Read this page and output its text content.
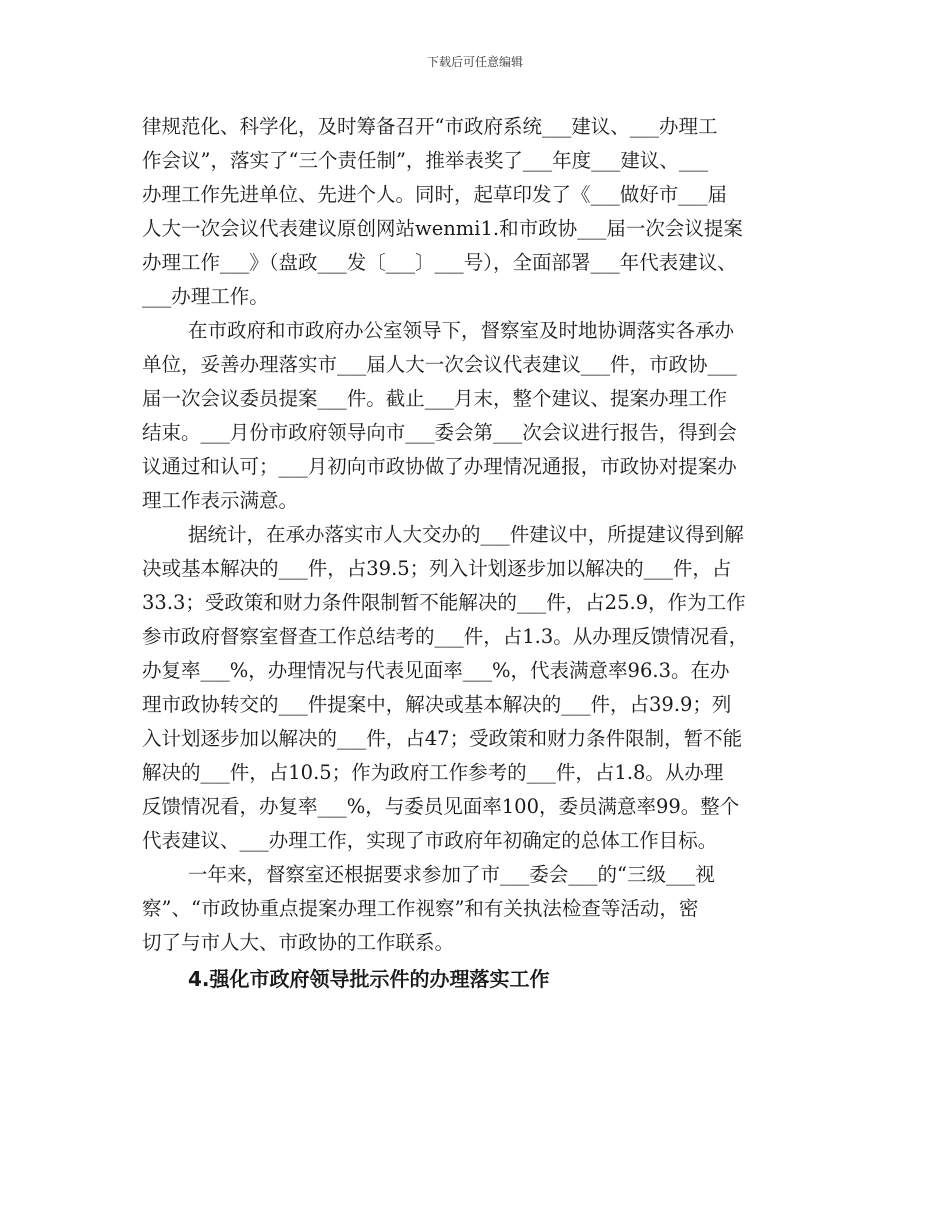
下载后可任意编辑
律规范化、科学化，及时筹备召开“市政府系统___建议、___办理工
作会议”，落实了“三个责任制”，推举表奖了___年度___建议、___
办理工作先进单位、先进个人。同时，起草印发了《___做好市___届
人大一次会议代表建议原创网站wenmi1.和市政协___届一次会议提案
办理工作___》（盘政___发〔___〕___号），全面部署___年代表建议、
___办理工作。
在市政府和市政府办公室领导下，督察室及时地协调落实各承办
单位，妥善办理落实市___届人大一次会议代表建议___件，市政协___
届一次会议委员提案___件。截止___月末，整个建议、提案办理工作
结束。___月份市政府领导向市___委会第___次会议进行报告，得到会
议通过和认可；___月初向市政协做了办理情况通报，市政协对提案办
理工作表示满意。
据统计，在承办落实市人大交办的___件建议中，所提建议得到解
决或基本解决的___件，占39.5；列入计划逐步加以解决的___件，占
33.3；受政策和财力条件限制暂不能解决的___件，占25.9，作为工作
参市政府督察室督查工作总结考的___件，占1.3。从办理反馈情况看，
办复率___%，办理情况与代表见面率___%，代表满意率96.3。在办
理市政协转交的___件提案中，解决或基本解决的___件，占39.9；列
入计划逐步加以解决的___件，占47；受政策和财力条件限制，暂不能
解决的___件，占10.5；作为政府工作参考的___件，占1.8。从办理
反馈情况看，办复率___%，与委员见面率100，委员满意率99。整个
代表建议、___办理工作，实现了市政府年初确定的总体工作目标。
一年来，督察室还根据要求参加了市___委会___的“三级___视
察”、“市政协重点提案办理工作视察”和有关执法检查等活动，密
切了与市人大、市政协的工作联系。
4.强化市政府领导批示件的办理落实工作
